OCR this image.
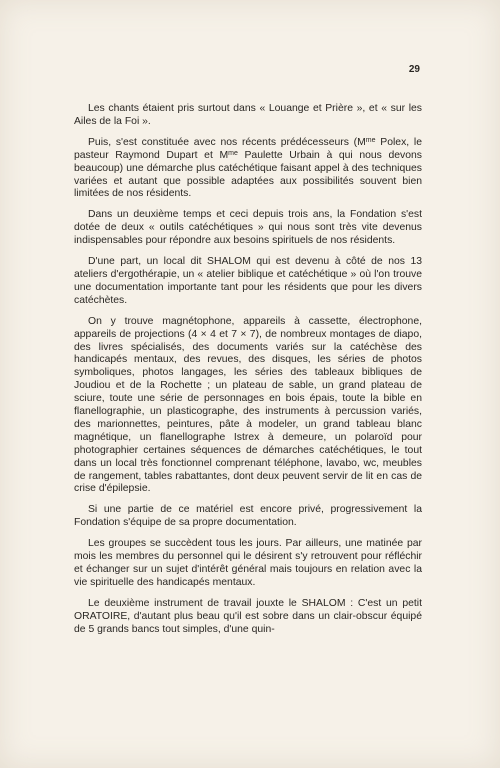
29

Les chants étaient pris surtout dans « Louange et Prière », et « sur les Ailes de la Foi ».

Puis, s'est constituée avec nos récents prédécesseurs ($M^{me}$ Polex, le pasteur Raymond Dupart et $M^{me}$ Paulette Urbain à qui nous devons beaucoup) une démarche plus catéchétique faisant appel à des techniques variées et autant que possible adaptées aux possibilités souvent bien limitées de nos résidents.

Dans un deuxième temps et ceci depuis trois ans, la Fondation s'est dotée de deux « outils catéchétiques » qui nous sont très vite devenus indispensables pour répondre aux besoins spirituels de nos résidents.

D'une part, un local dit SHALOM qui est devenu à côté de nos 13 ateliers d'ergothérapie, un « atelier biblique et catéchétique » où l'on trouve une documentation importante tant pour les résidents que pour les divers catéchètes.

On y trouve magnétophone, appareils à cassette, électrophone, appareils de projections (4 × 4 et 7 × 7), de nombreux montages de diapo, des livres spécialisés, des documents variés sur la catéchèse des handicapés mentaux, des revues, des disques, les séries de photos symboliques, photos langages, les séries des tableaux bibliques de Joudiou et de la Rochette ; un plateau de sable, un grand plateau de sciure, toute une série de personnages en bois épais, toute la bible en flanellographie, un plasticographe, des instruments à percussion variés, des marionnettes, peintures, pâte à modeler, un grand tableau blanc magnétique, un flanellographe Istrex à demeure, un polaroïd pour photographier certaines séquences de démarches catéchétiques, le tout dans un local très fonctionnel comprenant téléphone, lavabo, wc, meubles de rangement, tables rabattantes, dont deux peuvent servir de lit en cas de crise d'épilepsie.

Si une partie de ce matériel est encore privé, progressivement la Fondation s'équipe de sa propre documentation.

Les groupes se succèdent tous les jours. Par ailleurs, une matinée par mois les membres du personnel qui le désirent s'y retrouvent pour réfléchir et échanger sur un sujet d'intérêt général mais toujours en relation avec la vie spirituelle des handicapés mentaux.

Le deuxième instrument de travail jouxte le SHALOM : C'est un petit ORATOIRE, d'autant plus beau qu'il est sobre dans un clair-obscur équipé de 5 grands bancs tout simples, d'une quin-
